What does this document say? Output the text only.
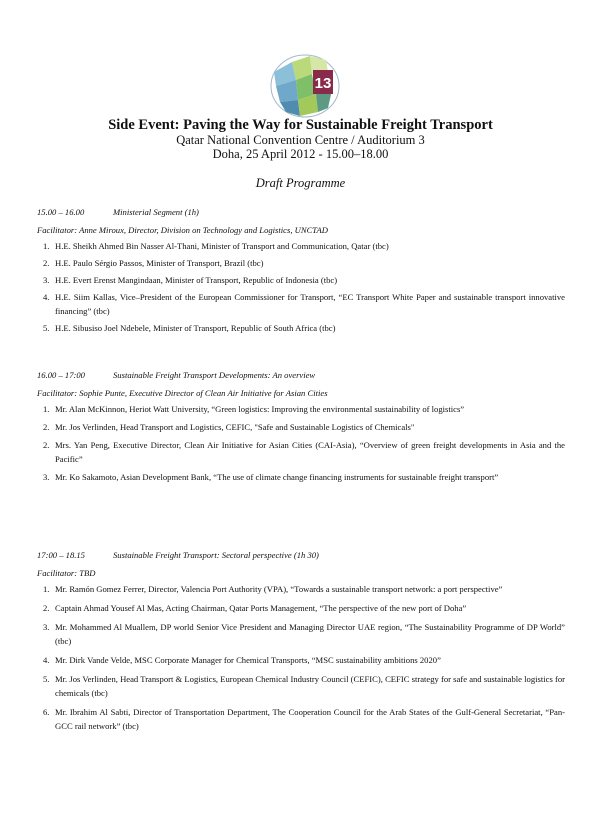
13
Side Event: Paving the Way for Sustainable Freight Transport
Qatar National Convention Centre / Auditorium 3
Doha, 25 April 2012 - 15.00–18.00
Draft Programme
15.00 – 16.00	Ministerial Segment (1h)
Facilitator: Anne Miroux, Director, Division on Technology and Logistics, UNCTAD
1. H.E. Sheikh Ahmed Bin Nasser Al-Thani, Minister of Transport and Communication, Qatar (tbc)
2. H.E. Paulo Sérgio Passos, Minister of Transport, Brazil (tbc)
3. H.E. Evert Erenst Mangindaan, Minister of Transport, Republic of Indonesia (tbc)
4. H.E. Siim Kallas, Vice–President of the European Commissioner for Transport, “EC Transport White Paper and sustainable transport innovative financing” (tbc)
5. H.E. Sibusiso Joel Ndebele, Minister of Transport, Republic of South Africa (tbc)
16.00 – 17:00	Sustainable Freight Transport Developments: An overview
Facilitator: Sophie Punte, Executive Director of Clean Air Initiative for Asian Cities
1. Mr. Alan McKinnon, Heriot Watt University, “Green logistics: Improving the environmental sustainability of logistics”
2. Mr. Jos Verlinden, Head Transport and Logistics, CEFIC, "Safe and Sustainable Logistics of Chemicals"
2. Mrs. Yan Peng, Executive Director, Clean Air Initiative for Asian Cities (CAI-Asia), “Overview of green freight developments in Asia and the Pacific”
3. Mr. Ko Sakamoto, Asian Development Bank, “The use of climate change financing instruments for sustainable freight transport”
17:00 – 18.15	Sustainable Freight Transport: Sectoral perspective (1h 30)
Facilitator: TBD
1. Mr. Ramón Gomez Ferrer, Director, Valencia Port Authority (VPA), “Towards a sustainable transport network: a port perspective”
2. Captain Ahmad Yousef Al Mas, Acting Chairman, Qatar Ports Management, “The perspective of the new port of Doha”
3. Mr. Mohammed Al Muallem, DP world Senior Vice President and Managing Director UAE region, “The Sustainability Programme of DP World” (tbc)
4. Mr. Dirk Vande Velde, MSC Corporate Manager for Chemical Transports, “MSC sustainability ambitions 2020”
5. Mr. Jos Verlinden, Head Transport & Logistics, European Chemical Industry Council (CEFIC), CEFIC strategy for safe and sustainable logistics for chemicals (tbc)
6. Mr. Ibrahim Al Sabti, Director of Transportation Department, The Cooperation Council for the Arab States of the Gulf-General Secretariat, “Pan-GCC rail network” (tbc)
